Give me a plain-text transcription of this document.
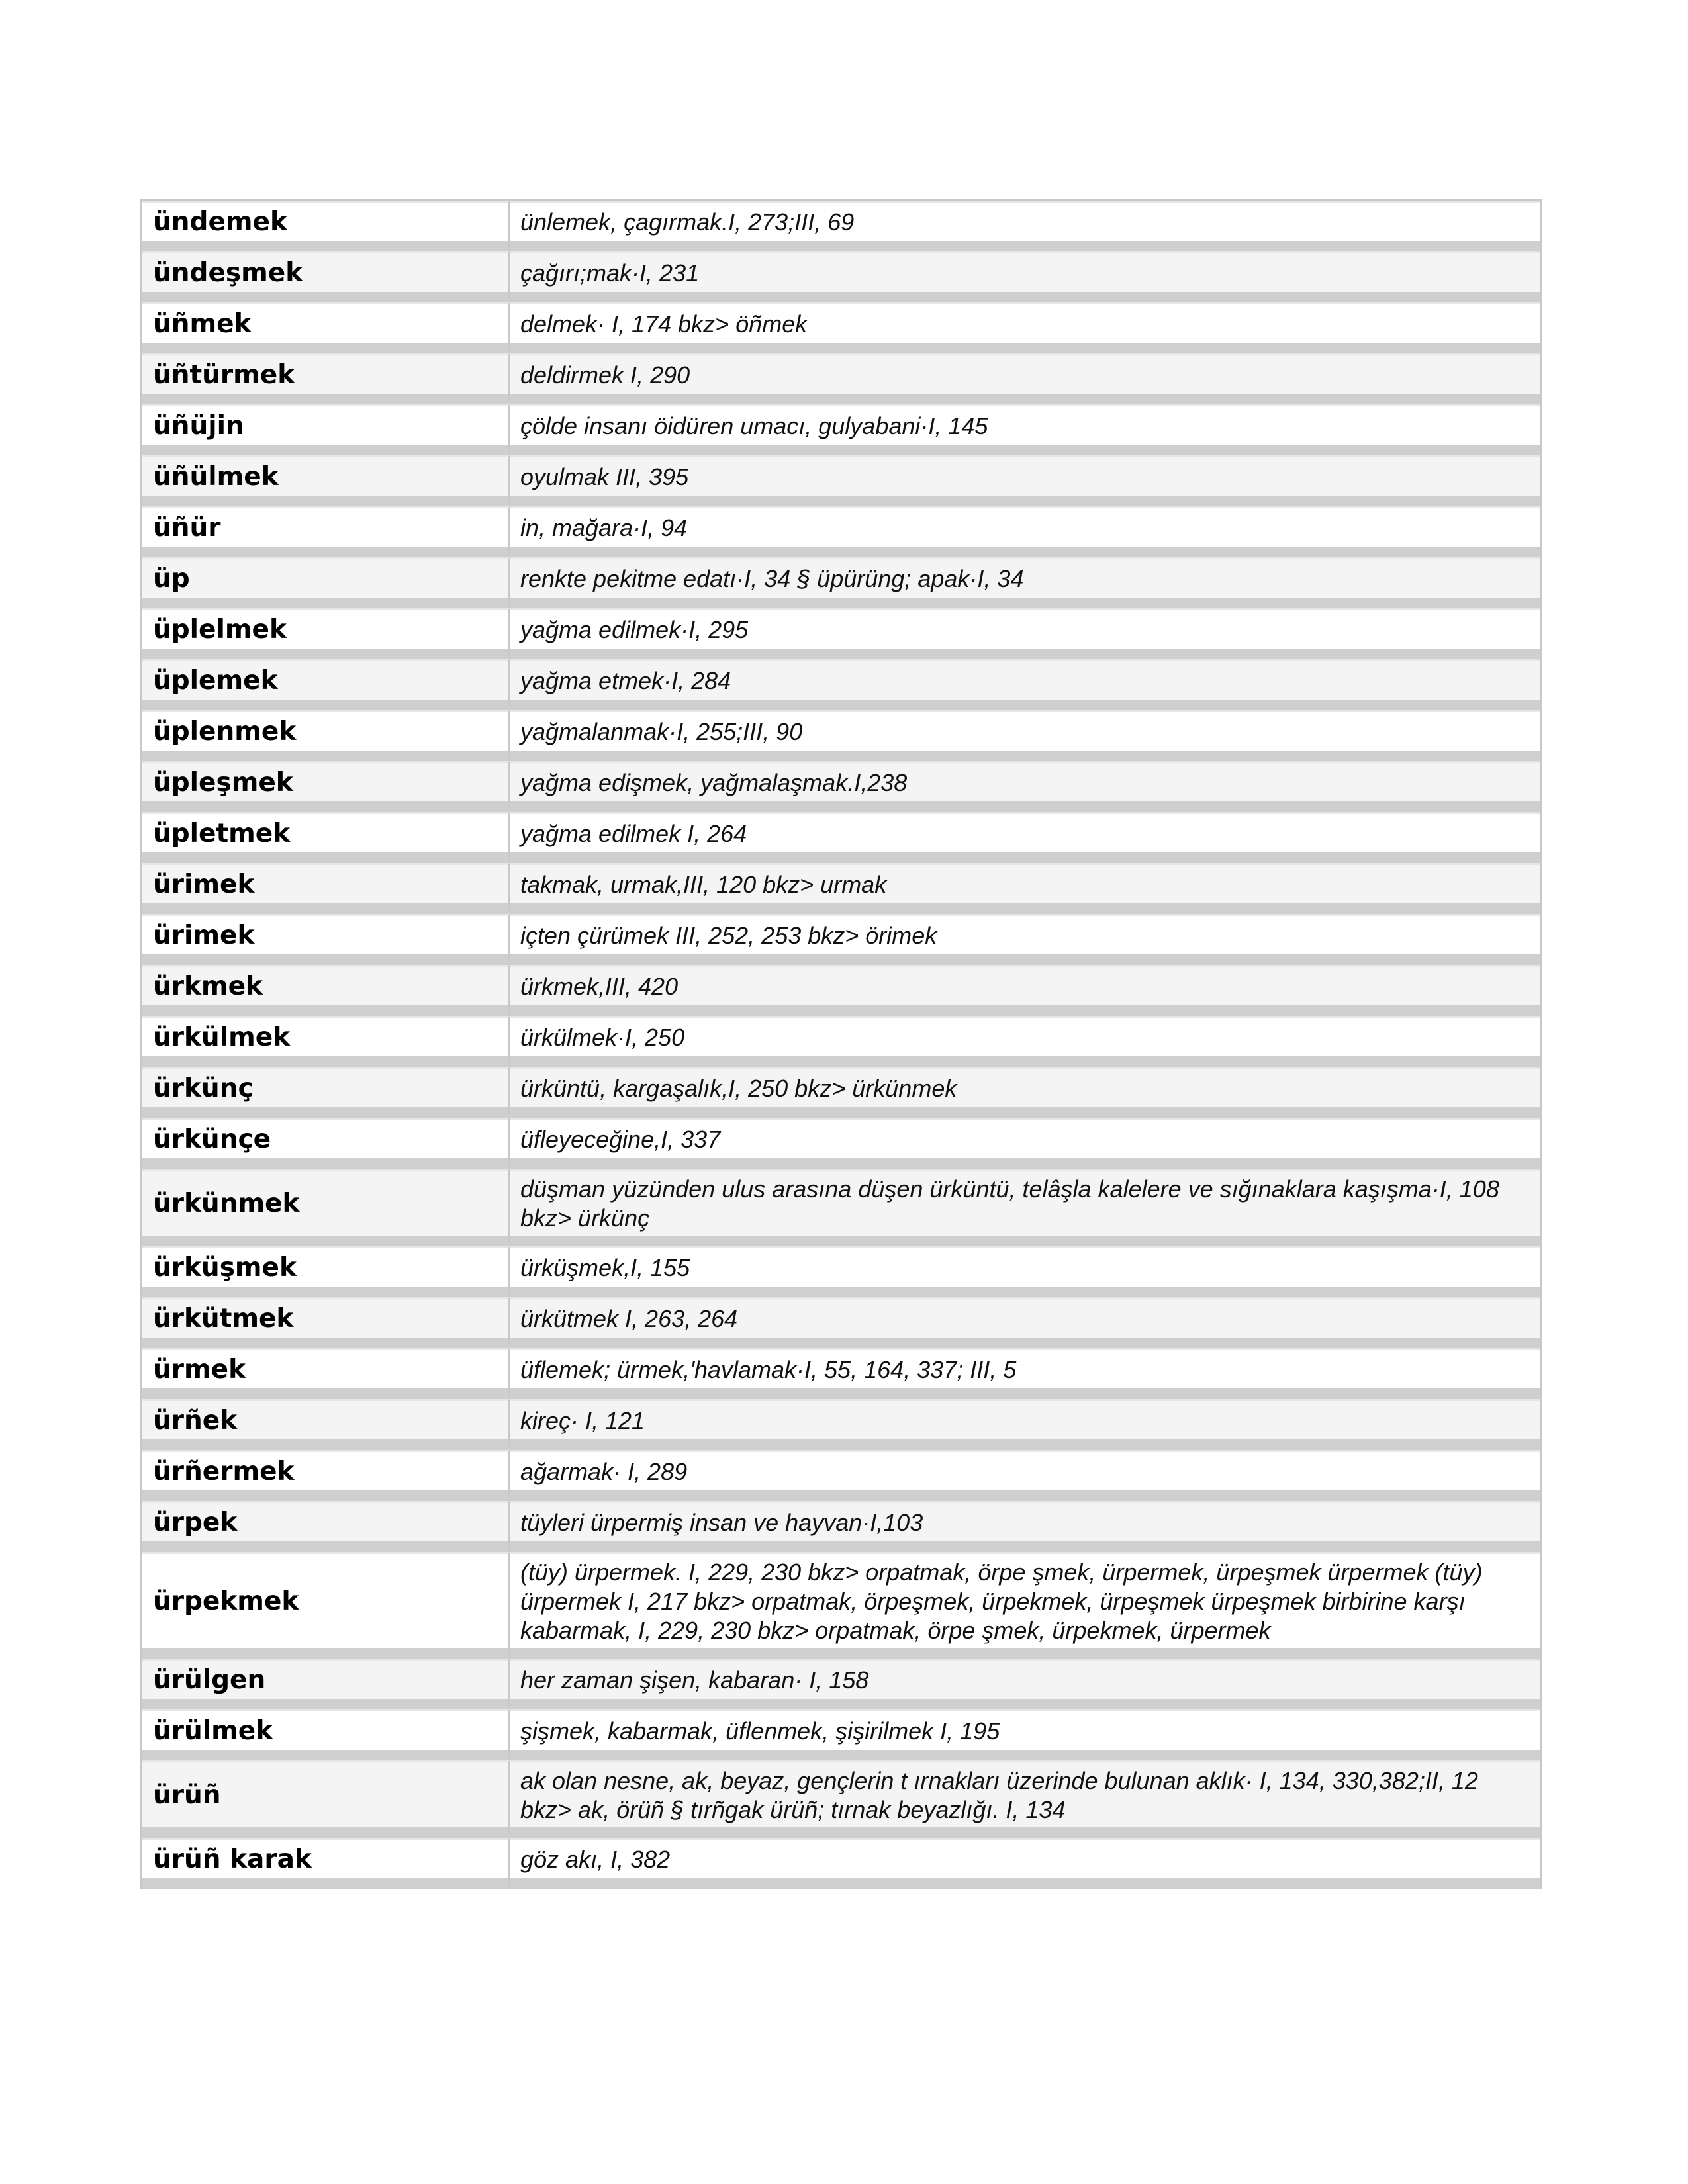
ündemek	ünlemek, çagırmak.I, 273;III, 69
ündeşmek	çağırı;mak·I, 231
üñmek	delmek· I, 174 bkz> öñmek
üñtürmek	deldirmek I, 290
üñüjin	çölde insanı öidüren umacı, gulyabani·I, 145
üñülmek	oyulmak III, 395
üñür	in, mağara·I, 94
üp	renkte pekitme edatı·I, 34 § üpürüng; apak·I, 34
üplelmek	yağma edilmek·I, 295
üplemek	yağma etmek·I, 284
üplenmek	yağmalanmak·I, 255;III, 90
üpleşmek	yağma edişmek, yağmalaşmak.I,238
üpletmek	yağma edilmek I, 264
ürimek	takmak, urmak,III, 120 bkz> urmak
ürimek	içten çürümek III, 252, 253 bkz> örimek
ürkmek	ürkmek,III, 420
ürkülmek	ürkülmek·I, 250
ürkünç	ürküntü, kargaşalık,I, 250 bkz> ürkünmek
ürkünçe	üfleyeceğine,I, 337
ürkünmek	düşman yüzünden ulus arasına düşen ürküntü, telâşla kalelere ve sığınaklara kaşışma·I, 108 bkz> ürkünç
ürküşmek	ürküşmek,I, 155
ürkütmek	ürkütmek I, 263, 264
ürmek	üflemek; ürmek,'havlamak·I, 55, 164, 337; III, 5
ürñek	kireç· I, 121
ürñermek	ağarmak· I, 289
ürpek	tüyleri ürpermiş insan ve hayvan·I,103
ürpekmek	(tüy) ürpermek. I, 229, 230 bkz> orpatmak, örpe şmek, ürpermek, ürpeşmek ürpermek (tüy) ürpermek I, 217 bkz> orpatmak, örpeşmek, ürpekmek, ürpeşmek ürpeşmek birbirine karşı kabarmak, I, 229, 230 bkz> orpatmak, örpe şmek, ürpekmek, ürpermek
ürülgen	her zaman şişen, kabaran· I, 158
ürülmek	şişmek, kabarmak, üflenmek, şişirilmek I, 195
ürüñ	ak olan nesne, ak, beyaz, gençlerin t ırnakları üzerinde bulunan aklık· I, 134, 330,382;II, 12 bkz> ak, örüñ § tırñgak ürüñ; tırnak beyazlığı. I, 134
ürüñ karak	göz akı, I, 382
